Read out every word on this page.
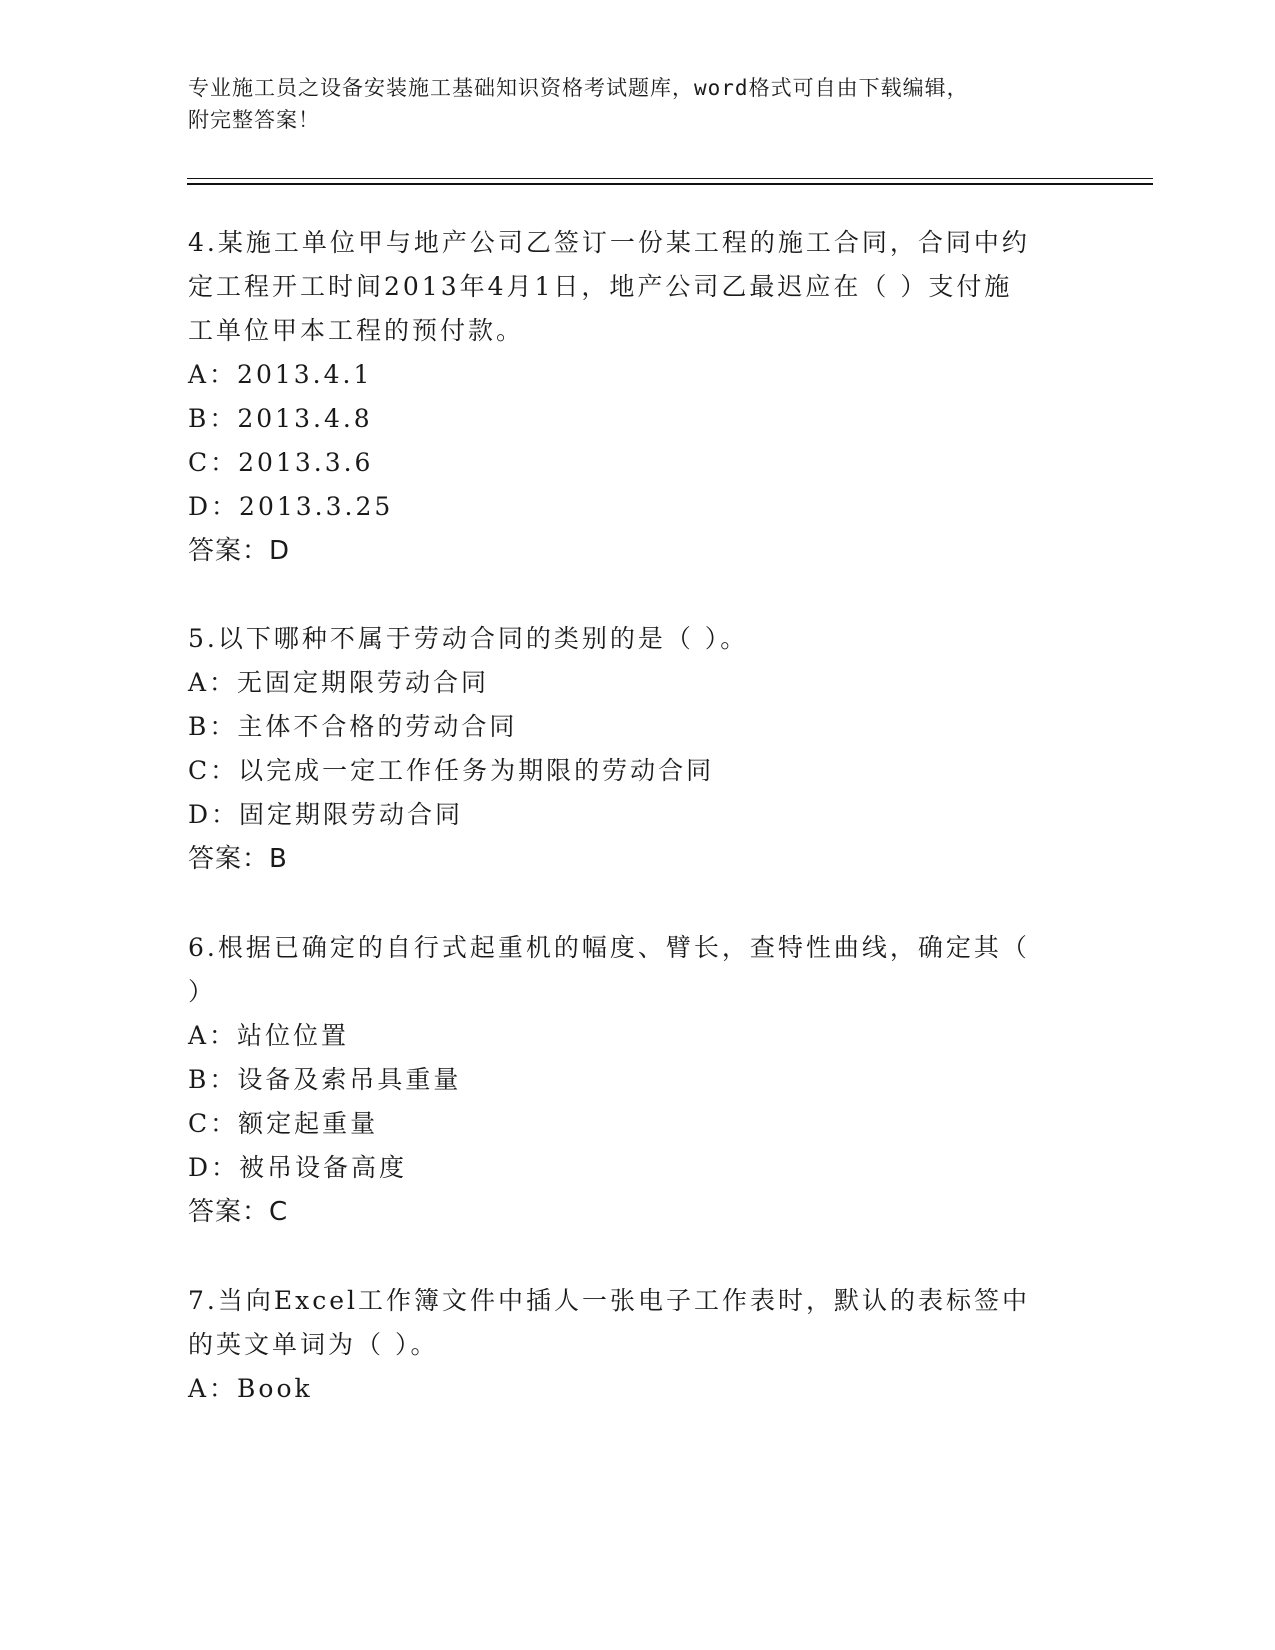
专业施工员之设备安装施工基础知识资格考试题库，word格式可自由下载编辑，
附完整答案！
4.某施工单位甲与地产公司乙签订一份某工程的施工合同，合同中约
定工程开工时间2013年4月1日，地产公司乙最迟应在（ ）支付施
工单位甲本工程的预付款。
A：2013.4.1
B：2013.4.8
C：2013.3.6
D：2013.3.25
答案：D
5.以下哪种不属于劳动合同的类别的是（ ）。
A：无固定期限劳动合同
B：主体不合格的劳动合同
C：以完成一定工作任务为期限的劳动合同
D：固定期限劳动合同
答案：B
6.根据已确定的自行式起重机的幅度、臂长，查特性曲线，确定其（
）
A：站位位置
B：设备及索吊具重量
C：额定起重量
D：被吊设备高度
答案：C
7.当向Excel工作簿文件中插人一张电子工作表时，默认的表标签中
的英文单词为（ ）。
A：Book
